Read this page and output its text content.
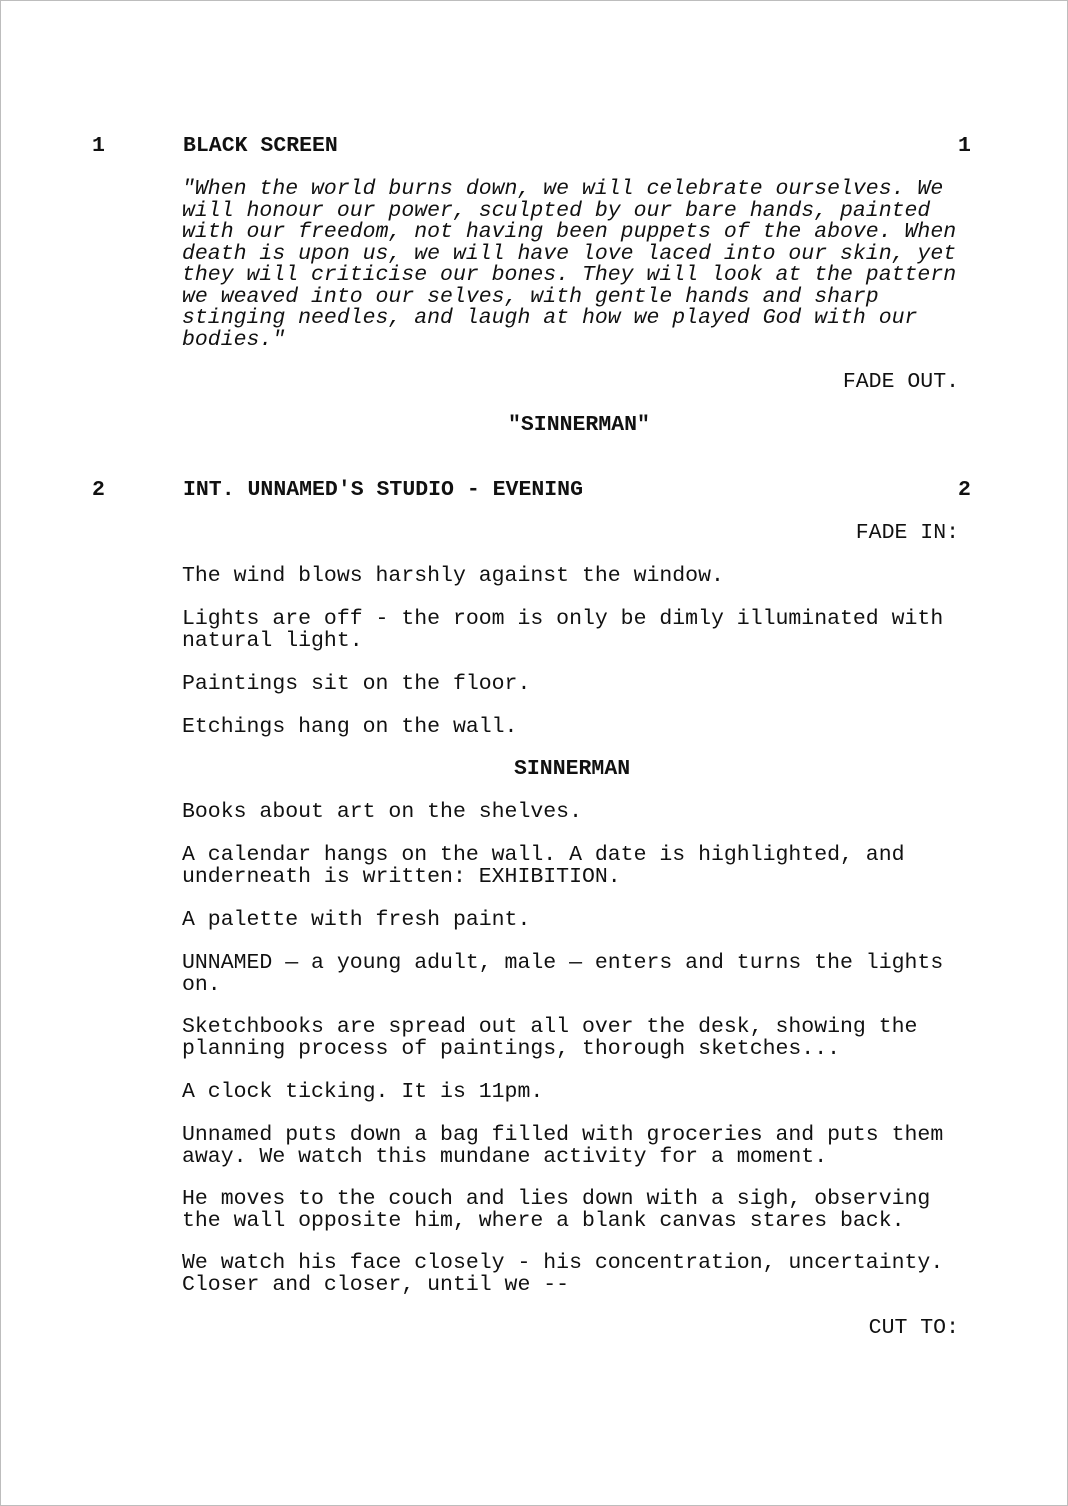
1	BLACK SCREEN	1
"When the world burns down, we will celebrate ourselves. We
will honour our power, sculpted by our bare hands, painted
with our freedom, not having been puppets of the above. When
death is upon us, we will have love laced into our skin, yet
they will criticise our bones. They will look at the pattern
we weaved into our selves, with gentle hands and sharp
stinging needles, and laugh at how we played God with our
bodies."
FADE OUT.
"SINNERMAN"
2	INT. UNNAMED'S STUDIO - EVENING	2
FADE IN:
The wind blows harshly against the window.
Lights are off - the room is only be dimly illuminated with
natural light.
Paintings sit on the floor.
Etchings hang on the wall.
SINNERMAN
Books about art on the shelves.
A calendar hangs on the wall. A date is highlighted, and
underneath is written: EXHIBITION.
A palette with fresh paint.
UNNAMED — a young adult, male — enters and turns the lights
on.
Sketchbooks are spread out all over the desk, showing the
planning process of paintings, thorough sketches...
A clock ticking. It is 11pm.
Unnamed puts down a bag filled with groceries and puts them
away. We watch this mundane activity for a moment.
He moves to the couch and lies down with a sigh, observing
the wall opposite him, where a blank canvas stares back.
We watch his face closely - his concentration, uncertainty.
Closer and closer, until we --
CUT TO:
